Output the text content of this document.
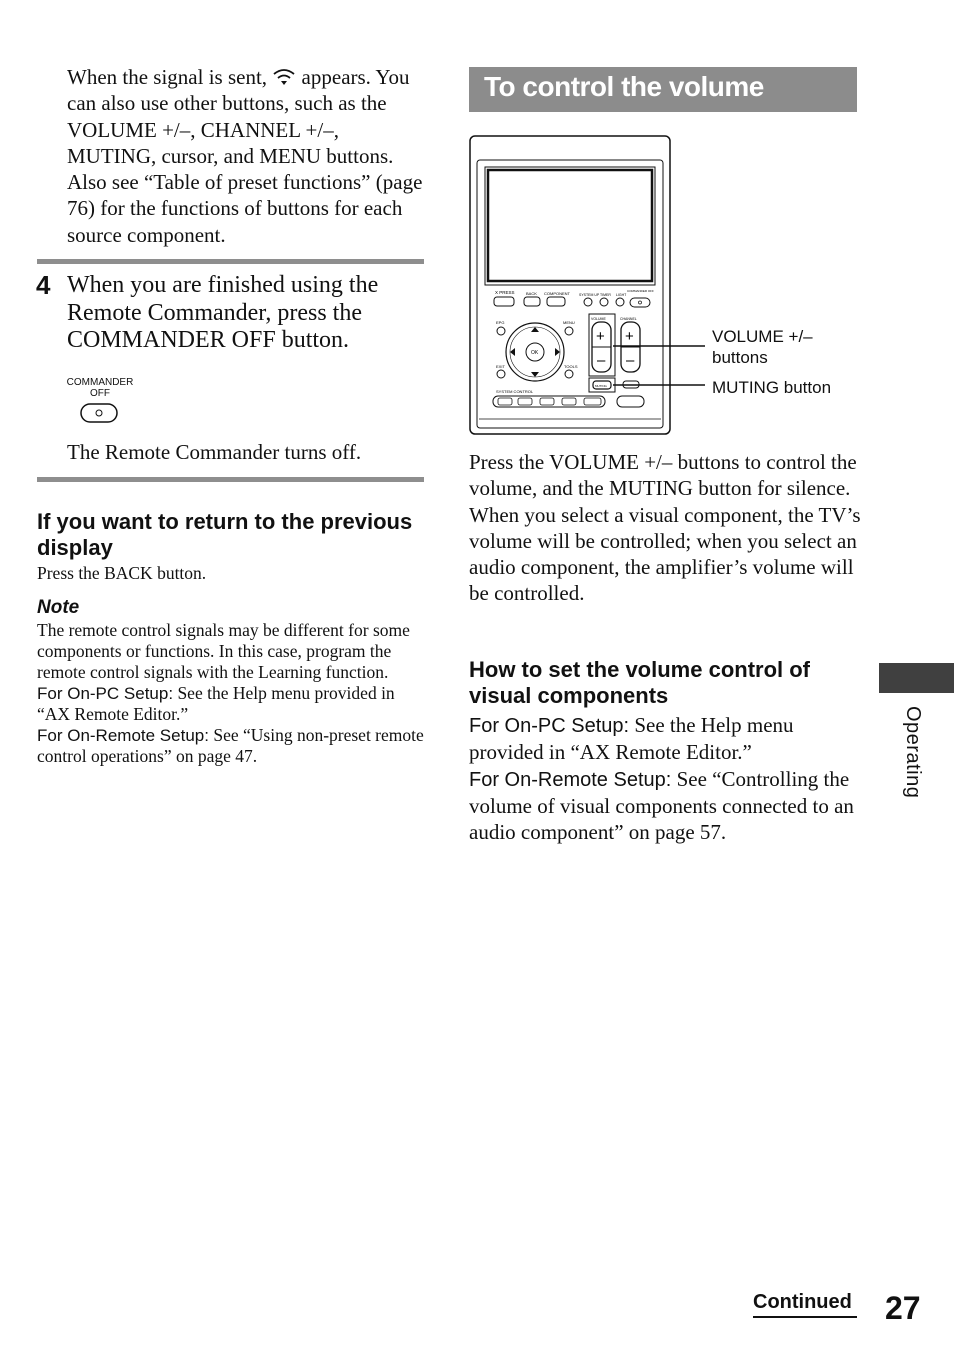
When the signal is sent,  appears. You can also use other buttons, such as the VOLUME +/–, CHANNEL +/–, MUTING, cursor, and MENU buttons. Also see “Table of preset functions” (page 76) for the functions of buttons for each source component.
4 When you are finished using the Remote Commander, press the COMMANDER OFF button.
COMMANDER
OFF
The Remote Commander turns off.
If you want to return to the previous display
Press the BACK button.
Note
The remote control signals may be different for some components or functions. In this case, program the remote control signals with the Learning function.
For On-PC Setup: See the Help menu provided in “AX Remote Editor.”
For On-Remote Setup: See “Using non-preset remote control operations” on page 47.
To control the volume
X PRESS	BACK COMPONENT	SYSTEM UP TIMER LIGHT
COMMANDER OFF
EPG	MENU
EXIT	TOOLS
OK
VOLUME	CHANNEL
+
–
+
–
MUTING
SYSTEM CONTROL
VOLUME +/–
buttons
MUTING button
Press the VOLUME +/– buttons to control the volume, and the MUTING button for silence. When you select a visual component, the TV’s volume will be controlled; when you select an audio component, the amplifier’s volume will be controlled.
How to set the volume control of visual components
For On-PC Setup: See the Help menu provided in “AX Remote Editor.”
For On-Remote Setup: See “Controlling the volume of visual components connected to an audio component” on page 57.
Operating
Continued 27
